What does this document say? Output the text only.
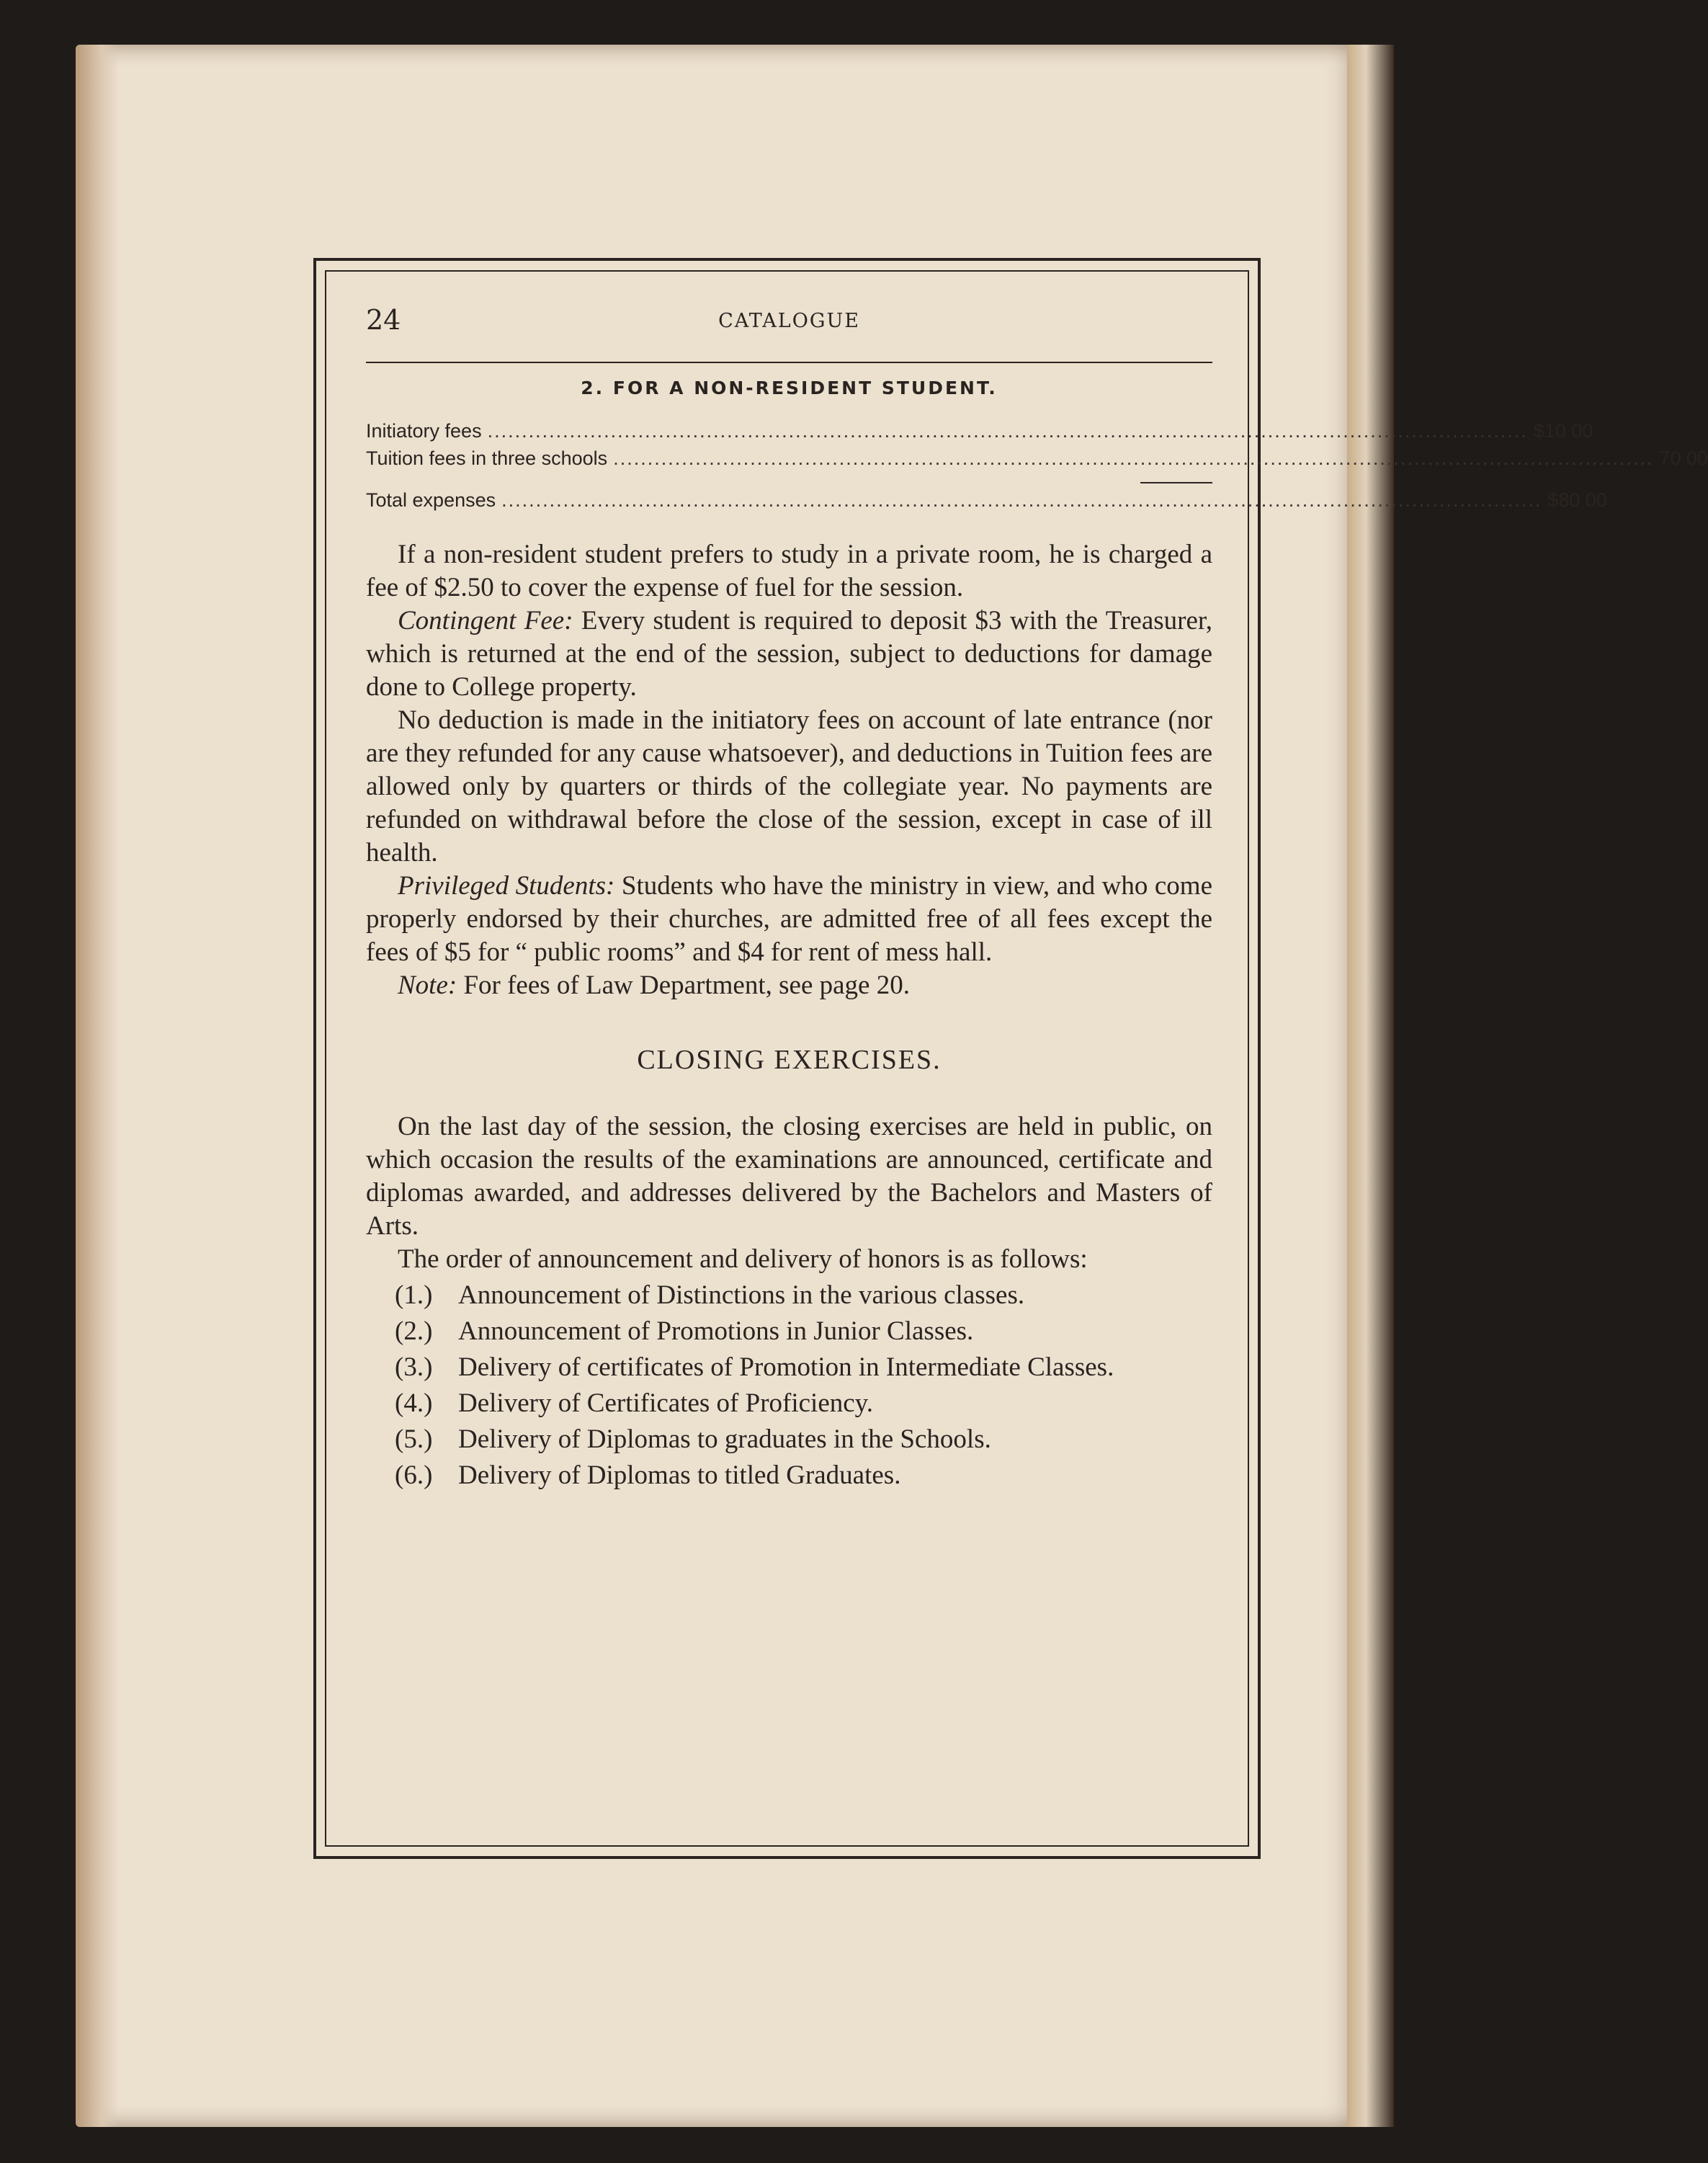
24	CATALOGUE
2. FOR A NON-RESIDENT STUDENT.
Initiatory fees ........................................................................................................................................................ $10 00
Tuition fees in three schools ........................................................................................................................................................ 70 00
Total expenses ........................................................................................................................................................ $80 00

If a non-resident student prefers to study in a private room, he is charged a fee of $2.50 to cover the expense of fuel for the session.

Contingent Fee: Every student is required to deposit $3 with the Treasurer, which is returned at the end of the session, subject to deductions for damage done to College property.

No deduction is made in the initiatory fees on account of late entrance (nor are they refunded for any cause whatsoever), and deductions in Tuition fees are allowed only by quarters or thirds of the collegiate year. No payments are refunded on withdrawal before the close of the session, except in case of ill health.

Privileged Students: Students who have the ministry in view, and who come properly endorsed by their churches, are admitted free of all fees except the fees of $5 for “ public rooms” and $4 for rent of mess hall.

Note: For fees of Law Department, see page 20.

CLOSING EXERCISES.

On the last day of the session, the closing exercises are held in public, on which occasion the results of the examinations are announced, certificate and diplomas awarded, and addresses delivered by the Bachelors and Masters of Arts.

The order of announcement and delivery of honors is as follows:

(1.) Announcement of Distinctions in the various classes.
(2.) Announcement of Promotions in Junior Classes.
(3.) Delivery of certificates of Promotion in Intermediate Classes.
(4.) Delivery of Certificates of Proficiency.
(5.) Delivery of Diplomas to graduates in the Schools.
(6.) Delivery of Diplomas to titled Graduates.
